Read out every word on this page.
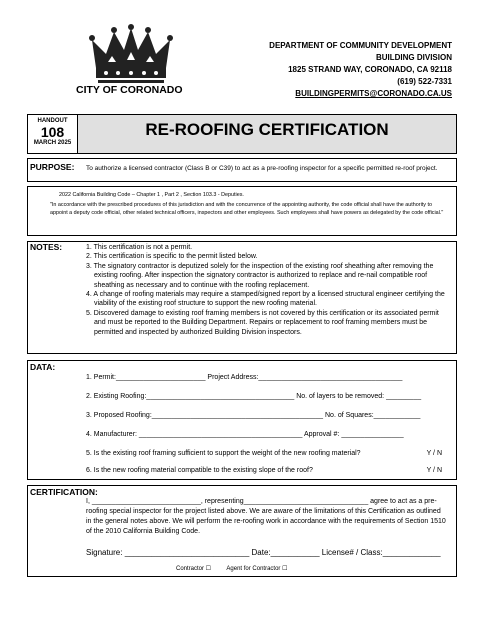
CITY OF CORONADO
DEPARTMENT OF COMMUNITY DEVELOPMENT
BUILDING DIVISION
1825 STRAND WAY, CORONADO, CA 92118
(619) 522-7331
BUILDINGPERMITS@CORONADO.CA.US
HANDOUT
108
MARCH 2025
RE-ROOFING CERTIFICATION
PURPOSE: To authorize a licensed contractor (Class B or C39) to act as a pre-roofing inspector for a specific permitted re-roof project.
2022 California Building Code – Chapter 1 , Part 2 , Section 103.3 - Deputies.
"In accordance with the prescribed procedures of this jurisdiction and with the concurrence of the appointing authority, the code official shall have the authority to appoint a deputy code official, other related technical officers, inspectors and other employees. Such employees shall have powers as delegated by the code official."
NOTES:	1. This certification is not a permit.
2. This certification is specific to the permit listed below.
3. The signatory contractor is deputized solely for the inspection of the existing roof sheathing after removing the existing roofing. After inspection the signatory contractor is authorized to replace and re-nail compatible roof sheathing as necessary and to continue with the roofing replacement.
4. A change of roofing materials may require a stamped/signed report by a licensed structural engineer certifying the viability of the existing roof structure to support the new roofing material.
5. Discovered damage to existing roof framing members is not covered by this certification or its associated permit and must be reported to the Building Department. Repairs or replacement to roof framing members must be permitted and inspected by authorized Building Division inspectors.
DATA:
1. Permit:_______________________ Project Address:_____________________________________
2. Existing Roofing:______________________________________ No. of layers to be removed: _________
3. Proposed Roofing:____________________________________________ No. of Squares:____________
4. Manufacturer: __________________________________________ Approval #: ________________
5. Is the existing roof framing sufficient to support the weight of the new roofing material?	Y / N
6. Is the new roofing material compatible to the existing slope of the roof?	Y / N
CERTIFICATION:
I, ____________________________, representing________________________________ agree to act as a pre-roofing special inspector for the project listed above. We are aware of the limitations of this Certification as outlined in the general notes above. We will perform the re-roofing work in accordance with the requirements of Section 1510 of the 2010 California Building Code.
Signature: ____________________________ Date:___________ License# / Class:_____________
Contractor ☐	Agent for Contractor ☐
